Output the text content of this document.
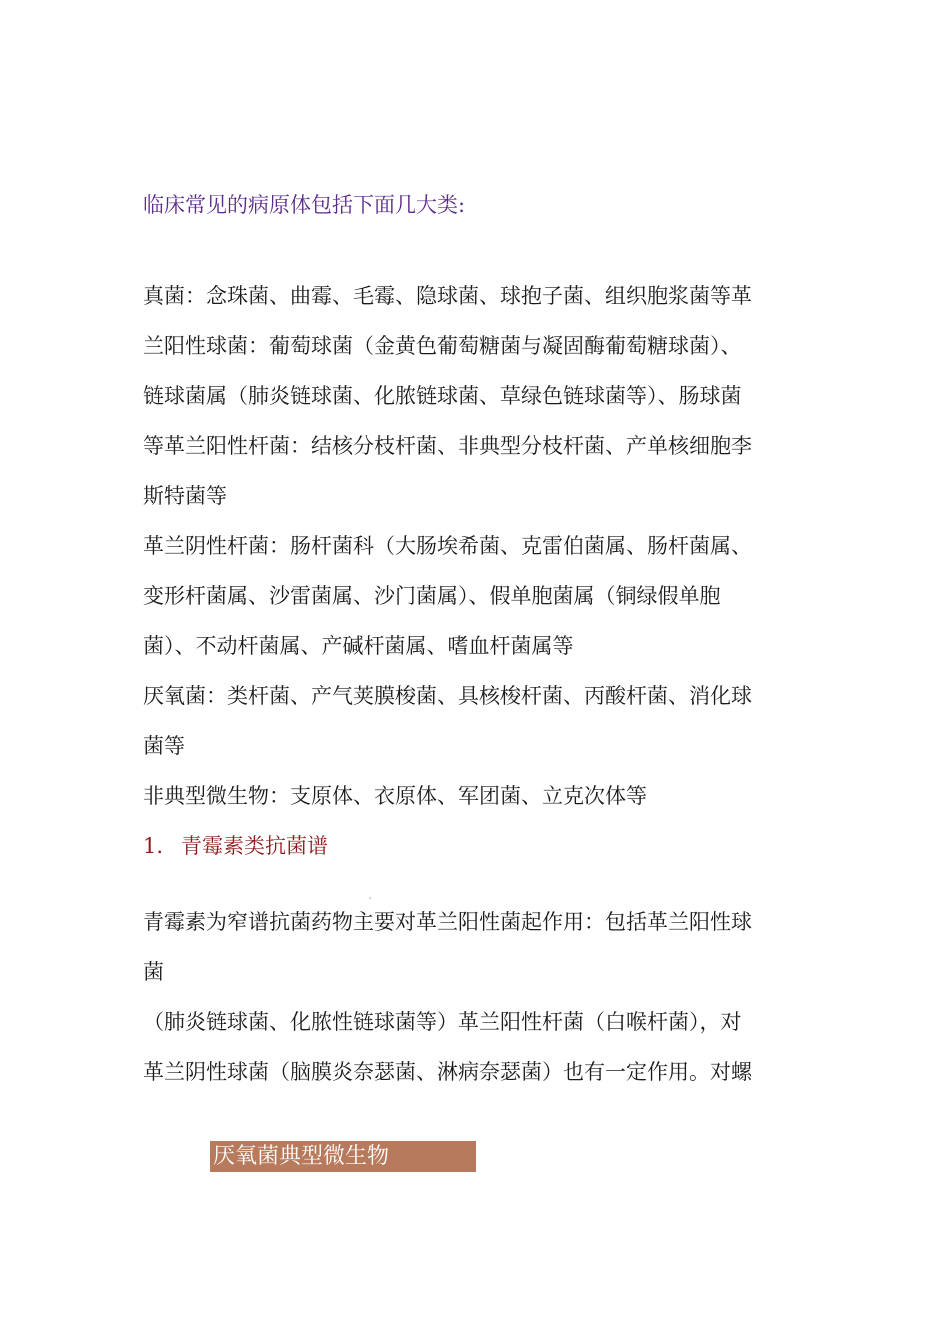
临床常见的病原体包括下面几大类:
真菌：念珠菌、曲霉、毛霉、隐球菌、球抱子菌、组织胞浆菌等革
兰阳性球菌：葡萄球菌（金黄色葡萄糖菌与凝固酶葡萄糖球菌）、
链球菌属（肺炎链球菌、化脓链球菌、草绿色链球菌等）、肠球菌
等革兰阳性杆菌：结核分枝杆菌、非典型分枝杆菌、产单核细胞李
斯特菌等
革兰阴性杆菌：肠杆菌科（大肠埃希菌、克雷伯菌属、肠杆菌属、
变形杆菌属、沙雷菌属、沙门菌属）、假单胞菌属（铜绿假单胞
菌）、不动杆菌属、产碱杆菌属、嗜血杆菌属等
厌氧菌：类杆菌、产气荚膜梭菌、具核梭杆菌、丙酸杆菌、消化球
菌等
非典型微生物：支原体、衣原体、军团菌、立克次体等
1. 青霉素类抗菌谱
'
青霉素为窄谱抗菌药物主要对革兰阳性菌起作用：包括革兰阳性球
菌
（肺炎链球菌、化脓性链球菌等）革兰阳性杆菌（白喉杆菌），对
革兰阴性球菌（脑膜炎奈瑟菌、淋病奈瑟菌）也有一定作用。对螺
厌氧菌典型微生物
